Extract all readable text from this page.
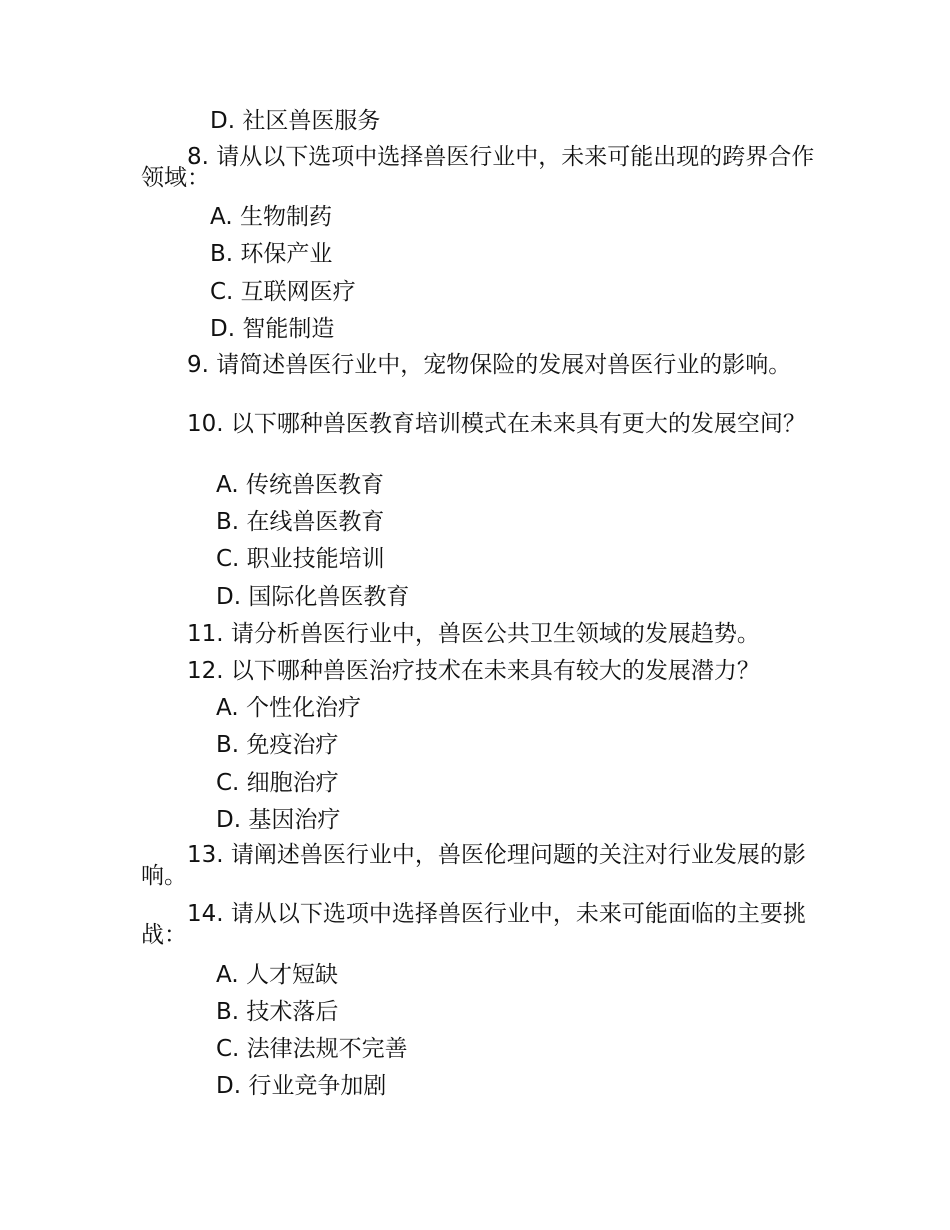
D. 社区兽医服务
8. 请从以下选项中选择兽医行业中，未来可能出现的跨界合作领域：
A. 生物制药
B. 环保产业
C. 互联网医疗
D. 智能制造
9. 请简述兽医行业中，宠物保险的发展对兽医行业的影响。
10. 以下哪种兽医教育培训模式在未来具有更大的发展空间？
A. 传统兽医教育
B. 在线兽医教育
C. 职业技能培训
D. 国际化兽医教育
11. 请分析兽医行业中，兽医公共卫生领域的发展趋势。
12. 以下哪种兽医治疗技术在未来具有较大的发展潜力？
A. 个性化治疗
B. 免疫治疗
C. 细胞治疗
D. 基因治疗
13. 请阐述兽医行业中，兽医伦理问题的关注对行业发展的影响。
14. 请从以下选项中选择兽医行业中，未来可能面临的主要挑战：
A. 人才短缺
B. 技术落后
C. 法律法规不完善
D. 行业竞争加剧
